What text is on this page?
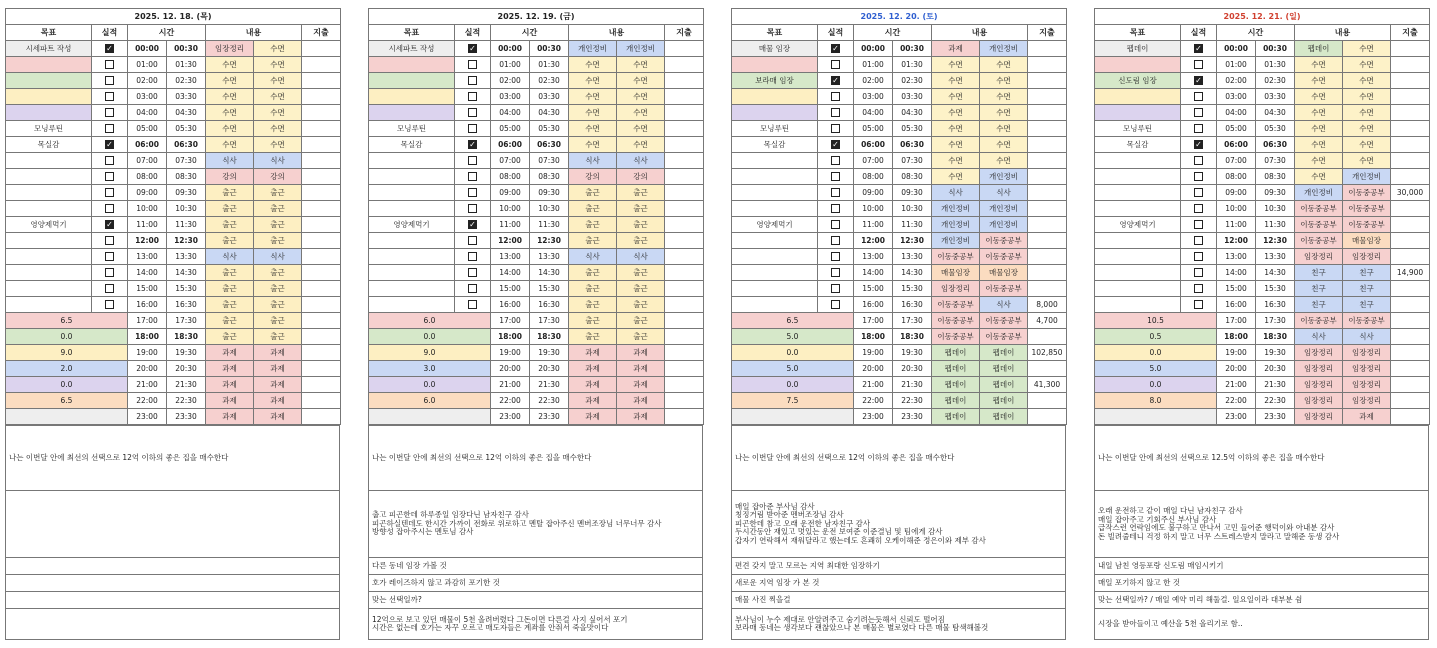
2025. 12. 18. (목)						
목표	실적	시간		내용		지출
시세파트 작성	✓	00:00	00:30	임장정리	수면	
		01:00	01:30	수면	수면	
		02:00	02:30	수면	수면	
		03:00	03:30	수면	수면	
		04:00	04:30	수면	수면	
모닝루틴		05:00	05:30	수면	수면	
목실감	✓	06:00	06:30	수면	수면	
		07:00	07:30	식사	식사	
		08:00	08:30	강의	강의	
		09:00	09:30	출근	출근	
		10:00	10:30	출근	출근	
영양제먹기	✓	11:00	11:30	출근	출근	
		12:00	12:30	출근	출근	
		13:00	13:30	식사	식사	
		14:00	14:30	출근	출근	
		15:00	15:30	출근	출근	
		16:00	16:30	출근	출근	
6.5		17:00	17:30	출근	출근	
0.0		18:00	18:30	출근	출근	
9.0		19:00	19:30	과제	과제	
2.0		20:00	20:30	과제	과제	
0.0		21:00	21:30	과제	과제	
6.5		22:00	22:30	과제	과제	
		23:00	23:30	과제	과제	
나는 이번달 안에 최선의 선택으로 12억 이하의 좋은 집을 매수한다

2025. 12. 19. (금)						
목표	실적	시간		내용		지출
시세파트 작성	✓	00:00	00:30	개인정비	개인정비	
		01:00	01:30	수면	수면	
		02:00	02:30	수면	수면	
		03:00	03:30	수면	수면	
		04:00	04:30	수면	수면	
모닝루틴		05:00	05:30	수면	수면	
목실감	✓	06:00	06:30	수면	수면	
		07:00	07:30	식사	식사	
		08:00	08:30	강의	강의	
		09:00	09:30	출근	출근	
		10:00	10:30	출근	출근	
영양제먹기	✓	11:00	11:30	출근	출근	
		12:00	12:30	출근	출근	
		13:00	13:30	식사	식사	
		14:00	14:30	출근	출근	
		15:00	15:30	출근	출근	
		16:00	16:30	출근	출근	
6.0		17:00	17:30	출근	출근	
0.0		18:00	18:30	출근	출근	
9.0		19:00	19:30	과제	과제	
3.0		20:00	20:30	과제	과제	
0.0		21:00	21:30	과제	과제	
6.0		22:00	22:30	과제	과제	
		23:00	23:30	과제	과제	
나는 이번달 안에 최선의 선택으로 12억 이하의 좋은 집을 매수한다
춥고 피곤한데 하루종일 임장다닌 남자친구 감사
피곤하실텐데도 한시간 가까이 전화로 위로하고 멘탈 잡아주신 멘버조장님 너무너무 감사
방향성 잡아주시는 멘토님 감사
다른 동네 임장 가볼 것
호가 레이즈하지 않고 과감히 포기한 것
맞는 선택일까?
12억으로 보고 있던 매물이 5천 올려버렸다 그돈이면 다른걸 사지 싶어서 포기
시간은 없는데 호가는 자꾸 오르고 매도자들은 계좌를 안줘서 죽을맛이다
2025. 12. 20. (토)						
목표	실적	시간		내용		지출
매물 임장	✓	00:00	00:30	과제	개인정비	
		01:00	01:30	수면	수면	
보라매 임장	✓	02:00	02:30	수면	수면	
		03:00	03:30	수면	수면	
		04:00	04:30	수면	수면	
모닝루틴		05:00	05:30	수면	수면	
목실감	✓	06:00	06:30	수면	수면	
		07:00	07:30	수면	수면	
		08:00	08:30	수면	개인정비	
		09:00	09:30	식사	식사	
		10:00	10:30	개인정비	개인정비	
영양제먹기		11:00	11:30	개인정비	개인정비	
		12:00	12:30	개인정비	이동중공부	
		13:00	13:30	이동중공부	이동중공부	
		14:00	14:30	매물임장	매물임장	
		15:00	15:30	임장정리	이동중공부	
		16:00	16:30	이동중공부	식사	8,000
6.5		17:00	17:30	이동중공부	이동중공부	4,700
5.0		18:00	18:30	이동중공부	이동중공부	
0.0		19:00	19:30	펩데이	펩데이	102,850
5.0		20:00	20:30	펩데이	펩데이	
0.0		21:00	21:30	펩데이	펩데이	41,300
7.5		22:00	22:30	펩데이	펩데이	
		23:00	23:30	펩데이	펩데이	
나는 이번달 안에 최선의 선택으로 12억 이하의 좋은 집을 매수한다
매일 잡아준 부사님 감사
칭징거림 받아준 멘버조장님 감사
피곤한데 참고 오래 운전한 남자친구 감사
두시간동안 재있고 멋있는 운전 보여준 이준결님 및 팀에게 감사
갑자기 연락해서 재워달라고 했는데도 흔쾌히 오케이해준 정은이와 제부 감사
편견 갖지 말고 모르는 지역 최대한 임장하기
새로운 지역 임장 가 본 것
매물 사진 찍을걸
부사님이 누수 제대로 안알려주고 숨기려는듯해서 신뢰도 떨어짐
보라매 동네는 생각보다 괜찮았으나 본 매물은 별로였다 다른 매물 탐색해볼것
2025. 12. 21. (일)						
목표	실적	시간		내용		지출
펩데이	✓	00:00	00:30	펩데이	수면	
		01:00	01:30	수면	수면	
신도림 임장	✓	02:00	02:30	수면	수면	
		03:00	03:30	수면	수면	
		04:00	04:30	수면	수면	
모닝루틴		05:00	05:30	수면	수면	
목실감	✓	06:00	06:30	수면	수면	
		07:00	07:30	수면	수면	
		08:00	08:30	수면	개인정비	
		09:00	09:30	개인정비	이동중공부	30,000
		10:00	10:30	이동중공부	이동중공부	
영양제먹기		11:00	11:30	이동중공부	이동중공부	
		12:00	12:30	이동중공부	매물임장	
		13:00	13:30	임장정리	임장정리	
		14:00	14:30	친구	친구	14,900
		15:00	15:30	친구	친구	
		16:00	16:30	친구	친구	
10.5		17:00	17:30	이동중공부	이동중공부	
0.5		18:00	18:30	식사	식사	
0.0		19:00	19:30	임장정리	임장정리	
5.0		20:00	20:30	임장정리	임장정리	
0.0		21:00	21:30	임장정리	임장정리	
8.0		22:00	22:30	임장정리	임장정리	
		23:00	23:30	임장정리	과제	
나는 이번달 안에 최선의 선택으로 12.5억 이하의 좋은 집을 매수한다
오래 운전하고 같이 매일 다닌 남자친구 감사
매일 잡아주고 기회주신 부사님 감사
급작스런 연락임에도 불구하고 만나서 고민 들어준 행덕이와 아내분 감사
돈 빌려줄테니 걱정 하지 말고 너무 스트레스받지 말라고 말해준 동생 감사
내일 남친 영등포랑 신도림 매임시키기
매일 포기하지 않고 한 것
맞는 선택일까? / 매일 예약 미리 해둘걸. 일요일이라 대부분 쉼
시장을 받아들이고 예산을 5천 올리기로 함..
